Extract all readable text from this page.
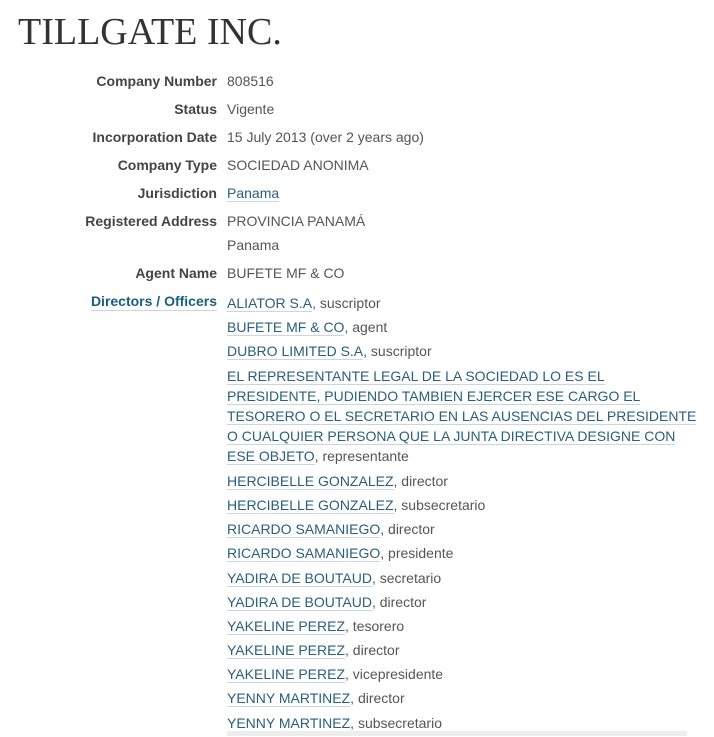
TILLGATE INC.
Company Number 808516
Status Vigente
Incorporation Date 15 July 2013 (over 2 years ago)
Company Type SOCIEDAD ANONIMA
Jurisdiction Panama
Registered Address PROVINCIA PANAMÁ
Panama
Agent Name BUFETE MF & CO
Directors / Officers ALIATOR S.A, suscriptor
BUFETE MF & CO, agent
DUBRO LIMITED S.A, suscriptor
EL REPRESENTANTE LEGAL DE LA SOCIEDAD LO ES EL PRESIDENTE, PUDIENDO TAMBIEN EJERCER ESE CARGO EL TESORERO O EL SECRETARIO EN LAS AUSENCIAS DEL PRESIDENTE O CUALQUIER PERSONA QUE LA JUNTA DIRECTIVA DESIGNE CON ESE OBJETO, representante
HERCIBELLE GONZALEZ, director
HERCIBELLE GONZALEZ, subsecretario
RICARDO SAMANIEGO, director
RICARDO SAMANIEGO, presidente
YADIRA DE BOUTAUD, secretario
YADIRA DE BOUTAUD, director
YAKELINE PEREZ, tesorero
YAKELINE PEREZ, director
YAKELINE PEREZ, vicepresidente
YENNY MARTINEZ, director
YENNY MARTINEZ, subsecretario
